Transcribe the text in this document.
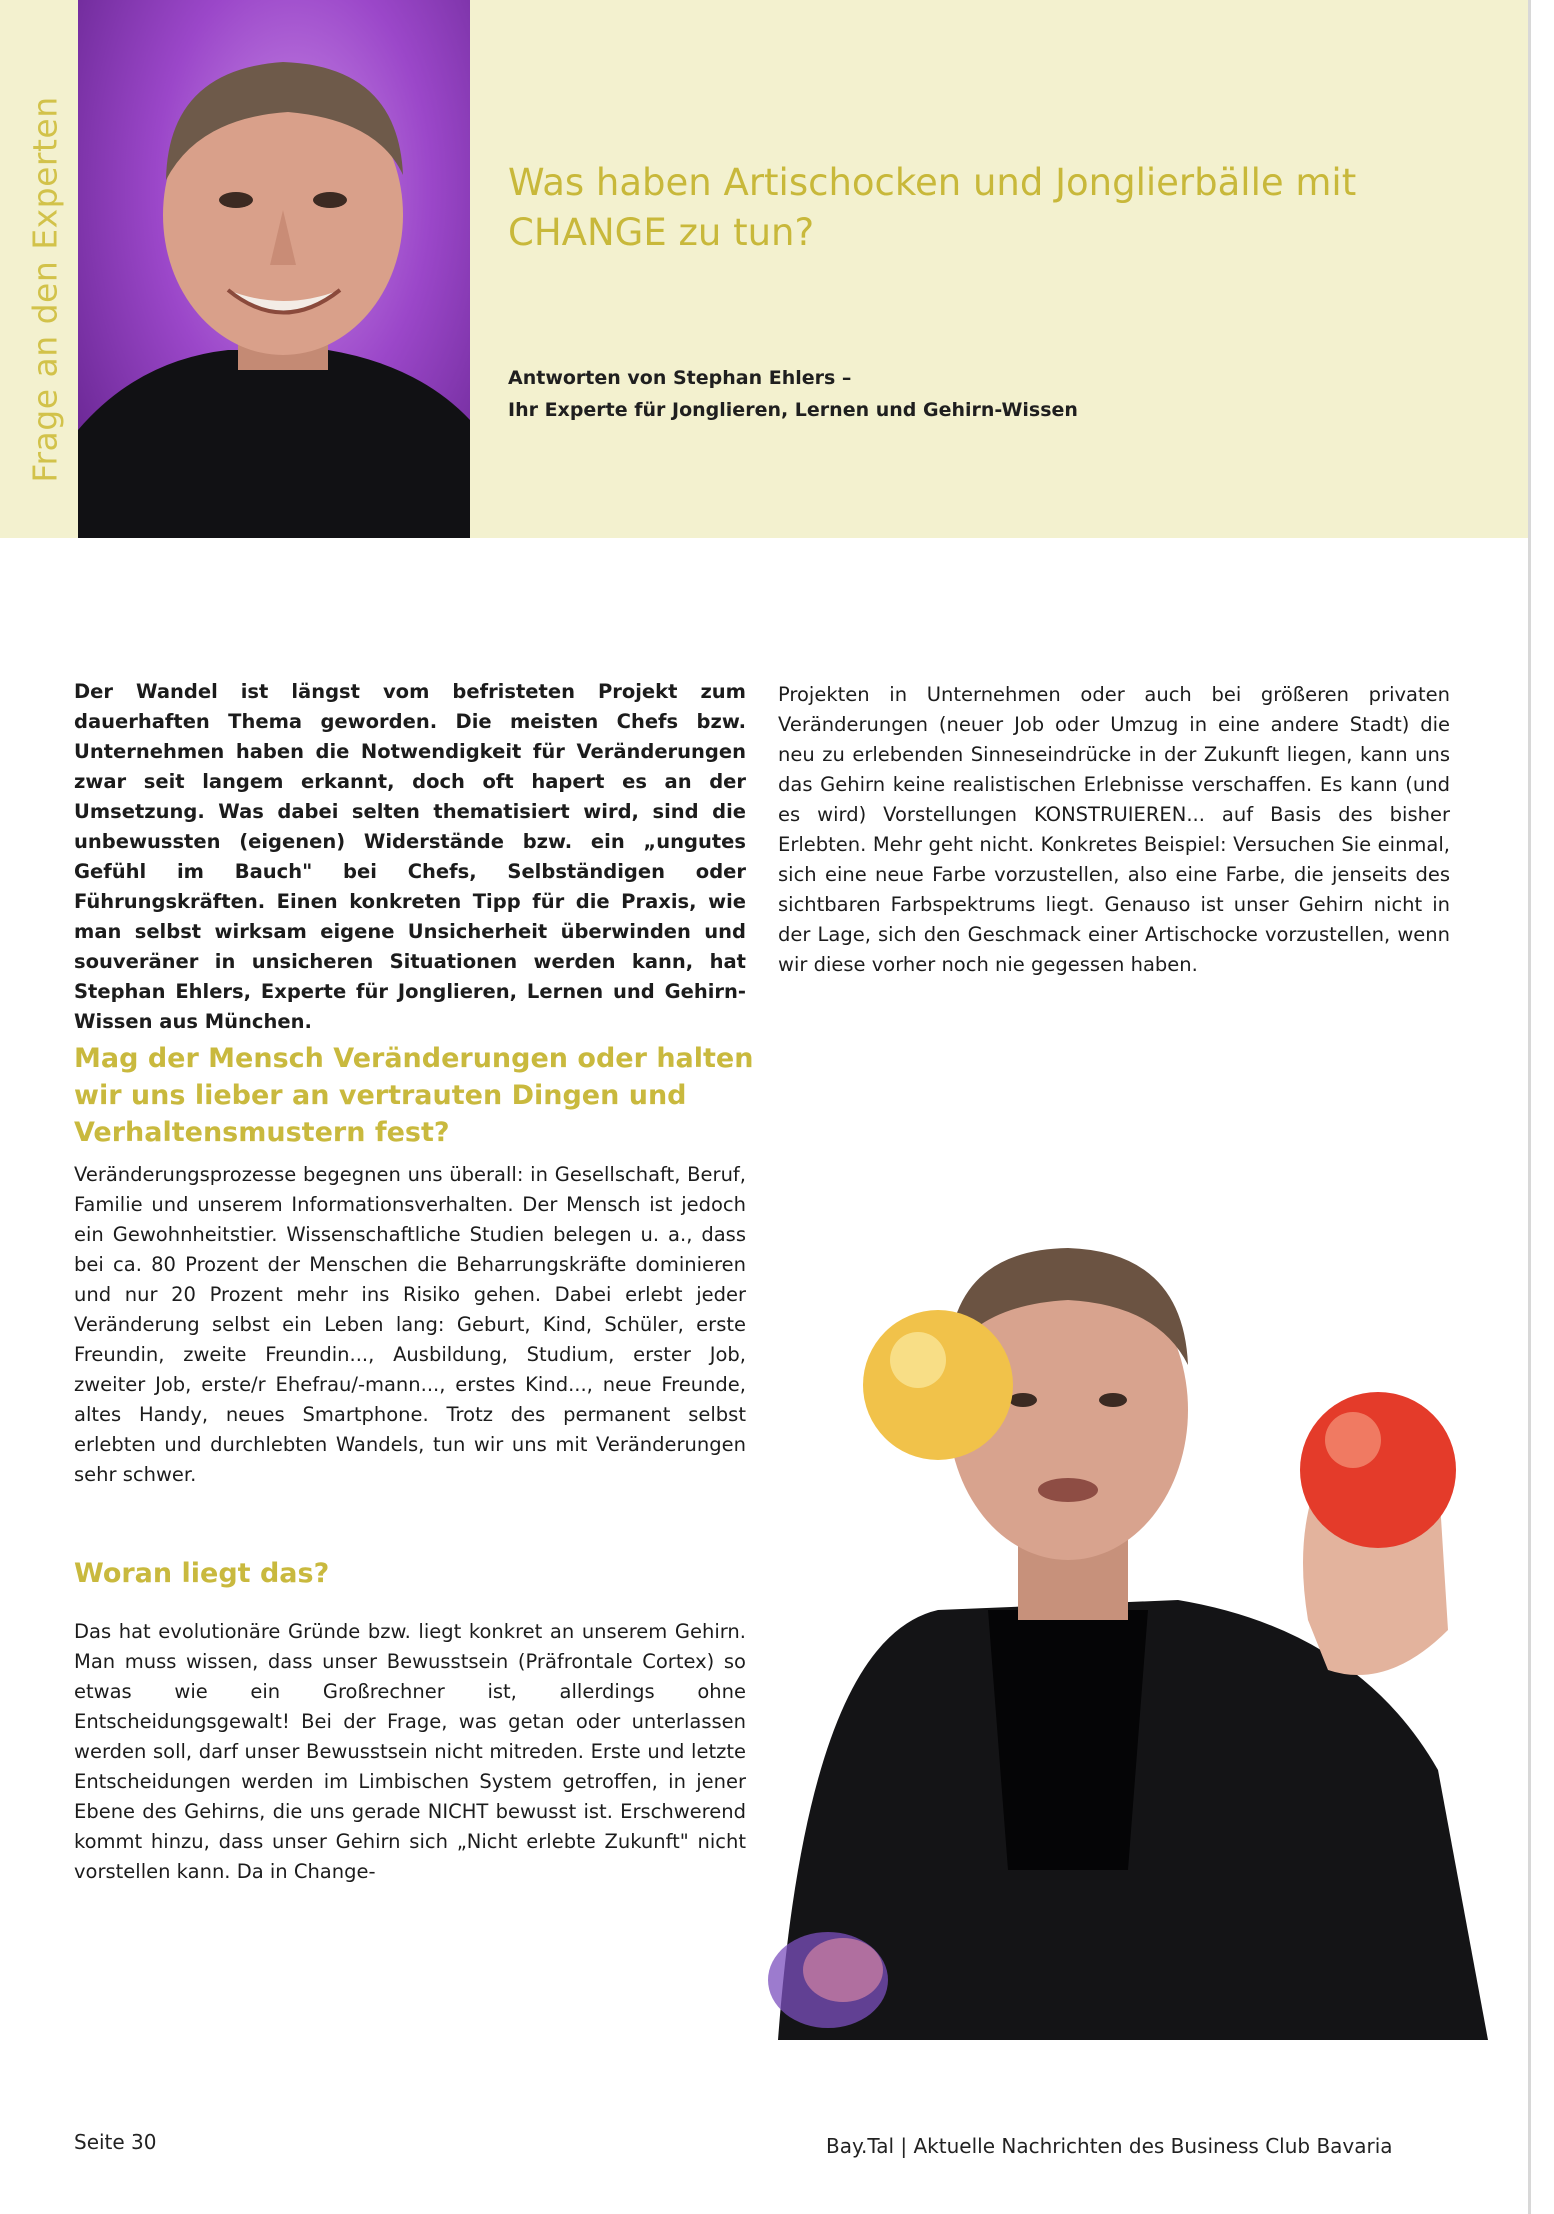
Frage an den Experten	Was haben Artischocken und Jonglierbälle mit CHANGE zu tun?
Antworten von Stephan Ehlers –
Ihr Experte für Jonglieren, Lernen und Gehirn-Wissen

Der Wandel ist längst vom befristeten Projekt zum dauerhaften Thema geworden. Die meisten Chefs bzw. Unternehmen haben die Notwendigkeit für Veränderungen zwar seit langem erkannt, doch oft hapert es an der Umsetzung. Was dabei selten thematisiert wird, sind die unbewussten (eigenen) Widerstände bzw. ein „ungutes Gefühl im Bauch" bei Chefs, Selbständigen oder Führungskräften. Einen konkreten Tipp für die Praxis, wie man selbst wirksam eigene Unsicherheit überwinden und souveräner in unsicheren Situationen werden kann, hat Stephan Ehlers, Experte für Jonglieren, Lernen und Gehirn-Wissen aus München.

Mag der Mensch Veränderungen oder halten wir uns lieber an vertrauten Dingen und Verhaltensmustern fest?

Veränderungsprozesse begegnen uns überall: in Gesellschaft, Beruf, Familie und unserem Informationsverhalten. Der Mensch ist jedoch ein Gewohnheitstier. Wissenschaftliche Studien belegen u. a., dass bei ca. 80 Prozent der Menschen die Beharrungskräfte dominieren und nur 20 Prozent mehr ins Risiko gehen. Dabei erlebt jeder Veränderung selbst ein Leben lang: Geburt, Kind, Schüler, erste Freundin, zweite Freundin..., Ausbildung, Studium, erster Job, zweiter Job, erste/r Ehefrau/-mann..., erstes Kind..., neue Freunde, altes Handy, neues Smartphone. Trotz des permanent selbst erlebten und durchlebten Wandels, tun wir uns mit Veränderungen sehr schwer.

Woran liegt das?

Das hat evolutionäre Gründe bzw. liegt konkret an unserem Gehirn. Man muss wissen, dass unser Bewusstsein (Präfrontale Cortex) so etwas wie ein Großrechner ist, allerdings ohne Entscheidungsgewalt! Bei der Frage, was getan oder unterlassen werden soll, darf unser Bewusstsein nicht mitreden. Erste und letzte Entscheidungen werden im Limbischen System getroffen, in jener Ebene des Gehirns, die uns gerade NICHT bewusst ist. Erschwerend kommt hinzu, dass unser Gehirn sich „Nicht erlebte Zukunft" nicht vorstellen kann. Da in Change-

Projekten in Unternehmen oder auch bei größeren privaten Veränderungen (neuer Job oder Umzug in eine andere Stadt) die neu zu erlebenden Sinneseindrücke in der Zukunft liegen, kann uns das Gehirn keine realistischen Erlebnisse verschaffen. Es kann (und es wird) Vorstellungen KONSTRUIEREN... auf Basis des bisher Erlebten. Mehr geht nicht. Konkretes Beispiel: Versuchen Sie einmal, sich eine neue Farbe vorzustellen, also eine Farbe, die jenseits des sichtbaren Farbspektrums liegt. Genauso ist unser Gehirn nicht in der Lage, sich den Geschmack einer Artischocke vorzustellen, wenn wir diese vorher noch nie gegessen haben.

Seite 30	Bay.Tal | Aktuelle Nachrichten des Business Club Bavaria
